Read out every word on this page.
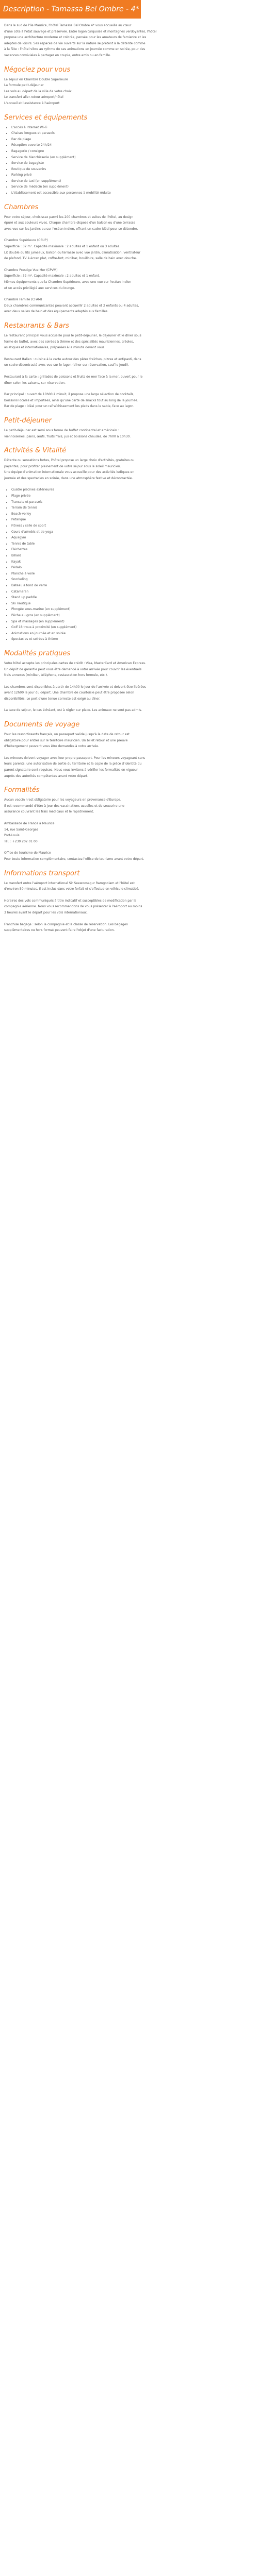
Description - Tamassa Bel Ombre - 4*

Dans le sud de l'île Maurice, l'hôtel Tamassa Bel Ombre 4* vous accueille au cœur

d'une côte à l'état sauvage et préservée. Entre lagon turquoise et montagnes verdoyantes, l'hôtel

propose une architecture moderne et colorée, pensée pour les amateurs de farniente et les

adeptes de loisirs. Ses espaces de vie ouverts sur la nature se prêtent à la détente comme

à la fête : l'hôtel vibre au rythme de ses animations en journée comme en soirée, pour des

vacances conviviales à partager en couple, entre amis ou en famille.

Négociez pour vous

Le séjour en Chambre Double Supérieure

La formule petit-déjeuner

Les vols au départ de la ville de votre choix

Le transfert aller-retour aéroport/hôtel

L'accueil et l'assistance à l'aéroport

Services et équipements
• L'accès à Internet Wi-Fi
• Chaises longues et parasols
• Bar de plage
• Réception ouverte 24h/24
• Bagagerie / consigne
• Service de blanchisserie (en supplément)
• Service de bagagiste
• Boutique de souvenirs
• Parking privé
• Service de taxi (en supplément)
• Service de médecin (en supplément)
• L'établissement est accessible aux personnes à mobilité réduite
Chambres

Pour votre séjour, choisissez parmi les 200 chambres et suites de l'hôtel, au design

épuré et aux couleurs vives. Chaque chambre dispose d'un balcon ou d'une terrasse

avec vue sur les jardins ou sur l'océan Indien, offrant un cadre idéal pour se détendre.

Chambre Supérieure (CSUP)

Superficie : 32 m². Capacité maximale : 2 adultes et 1 enfant ou 3 adultes.

Lit double ou lits jumeaux, balcon ou terrasse avec vue jardin, climatisation, ventilateur

de plafond, TV à écran plat, coffre-fort, minibar, bouilloire, salle de bain avec douche.

Chambre Prestige Vue Mer (CPVM)

Superficie : 32 m². Capacité maximale : 2 adultes et 1 enfant.

Mêmes équipements que la Chambre Supérieure, avec une vue sur l'océan Indien

et un accès privilégié aux services du lounge.

Chambre Famille (CFAM)

Deux chambres communicantes pouvant accueillir 2 adultes et 2 enfants ou 4 adultes,

avec deux salles de bain et des équipements adaptés aux familles.

Restaurants & Bars

Le restaurant principal vous accueille pour le petit-déjeuner, le déjeuner et le dîner sous

forme de buffet, avec des soirées à thème et des spécialités mauriciennes, créoles,

asiatiques et internationales, préparées à la minute devant vous.

Restaurant Italien : cuisine à la carte autour des pâtes fraîches, pizzas et antipasti, dans

un cadre décontracté avec vue sur le lagon (dîner sur réservation, sauf le jeudi).

Restaurant à la carte : grillades de poissons et fruits de mer face à la mer, ouvert pour le

dîner selon les saisons, sur réservation.

Bar principal : ouvert de 10h00 à minuit, il propose une large sélection de cocktails,

boissons locales et importées, ainsi qu'une carte de snacks tout au long de la journée.

Bar de plage : idéal pour un rafraîchissement les pieds dans le sable, face au lagon.

Petit-déjeuner

Le petit-déjeuner est servi sous forme de buffet continental et américain :

viennoiseries, pains, œufs, fruits frais, jus et boissons chaudes, de 7h00 à 10h30.

Activités & Vitalité

Détente ou sensations fortes, l'hôtel propose un large choix d'activités, gratuites ou

payantes, pour profiter pleinement de votre séjour sous le soleil mauricien.

Une équipe d'animation internationale vous accueille pour des activités ludiques en

journée et des spectacles en soirée, dans une atmosphère festive et décontractée.

• Quatre piscines extérieures
• Plage privée
• Transats et parasols
• Terrain de tennis
• Beach-volley
• Pétanque
• Fitness / salle de sport
• Cours d'aérobic et de yoga
• Aquagym
• Tennis de table
• Fléchettes
• Billard
• Kayak
• Pédalo
• Planche à voile
• Snorkeling
• Bateau à fond de verre
• Catamaran
• Stand up paddle
• Ski nautique
• Plongée sous-marine (en supplément)
• Pêche au gros (en supplément)
• Spa et massages (en supplément)
• Golf 18 trous à proximité (en supplément)
• Animations en journée et en soirée
• Spectacles et soirées à thème
Modalités pratiques

Votre hôtel accepte les principales cartes de crédit : Visa, MasterCard et American Express.

Un dépôt de garantie peut vous être demandé à votre arrivée pour couvrir les éventuels

frais annexes (minibar, téléphone, restauration hors formule, etc.).

Les chambres sont disponibles à partir de 14h00 le jour de l'arrivée et doivent être libérées

avant 12h00 le jour du départ. Une chambre de courtoisie peut être proposée selon

disponibilités. Le port d'une tenue correcte est exigé au dîner.

La taxe de séjour, le cas échéant, est à régler sur place. Les animaux ne sont pas admis.

Documents de voyage

Pour les ressortissants français, un passeport valide jusqu'à la date de retour est

obligatoire pour entrer sur le territoire mauricien. Un billet retour et une preuve

d'hébergement peuvent vous être demandés à votre arrivée.

Les mineurs doivent voyager avec leur propre passeport. Pour les mineurs voyageant sans

leurs parents, une autorisation de sortie du territoire et la copie de la pièce d'identité du

parent signataire sont requises. Nous vous invitons à vérifier les formalités en vigueur

auprès des autorités compétentes avant votre départ.

Formalités

Aucun vaccin n'est obligatoire pour les voyageurs en provenance d'Europe.

Il est recommandé d'être à jour des vaccinations usuelles et de souscrire une

assurance couvrant les frais médicaux et le rapatriement.

Ambassade de France à Maurice

14, rue Saint-Georges

Port-Louis

Tél. : +230 202 01 00

Office de tourisme de Maurice

Pour toute information complémentaire, contactez l'office de tourisme avant votre départ.

Informations transport

Le transfert entre l'aéroport international Sir Seewoosagur Ramgoolam et l'hôtel est

d'environ 50 minutes. Il est inclus dans votre forfait et s'effectue en véhicule climatisé.

Horaires des vols communiqués à titre indicatif et susceptibles de modification par la

compagnie aérienne. Nous vous recommandons de vous présenter à l'aéroport au moins

3 heures avant le départ pour les vols internationaux.

Franchise bagage : selon la compagnie et la classe de réservation. Les bagages

supplémentaires ou hors format peuvent faire l'objet d'une facturation.
